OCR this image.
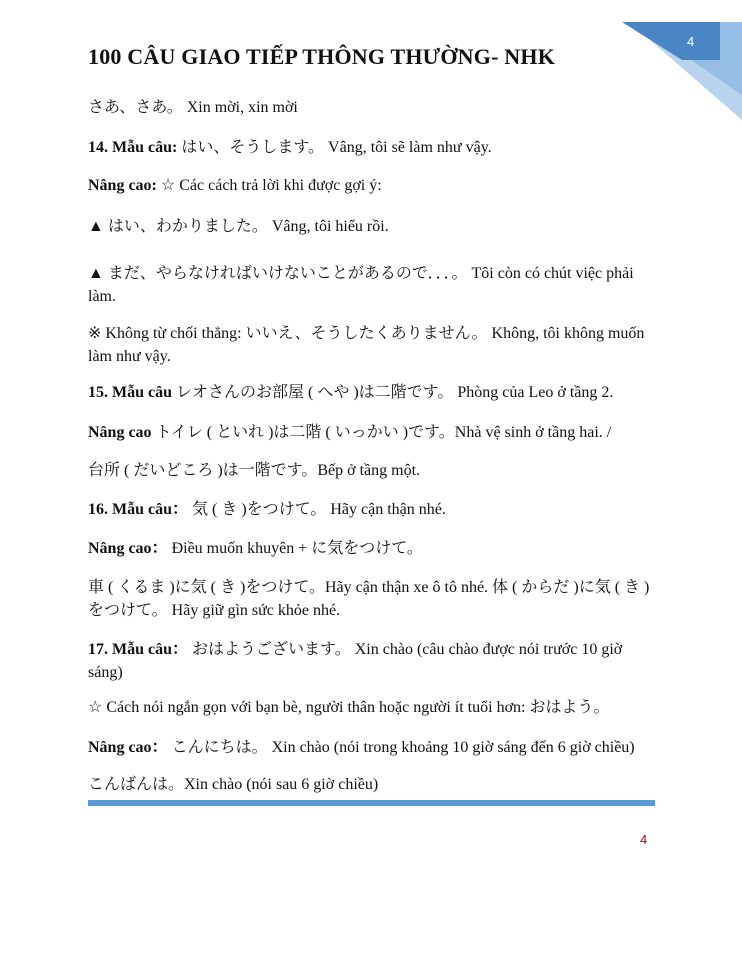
4
100 CÂU GIAO TIẾP THÔNG THƯỜNG- NHK
さあ、さあ。 Xin mời, xin mời
14. Mẫu câu: はい、そうします。 Vâng, tôi sẽ làm như vậy.
Nâng cao: ☆ Các cách trả lời khi được gợi ý:
▲ はい、わかりました。 Vâng, tôi hiểu rồi.
▲ まだ、やらなければいけないことがあるので．．．。 Tôi còn có chút việc phải làm.
※ Không từ chối thẳng: いいえ、そうしたくありません。 Không, tôi không muốn làm như vậy.
15. Mẫu câu レオさんのお部屋 ( へや )は二階です。 Phòng của Leo ở tầng 2.
Nâng cao トイレ ( といれ )は二階 ( いっかい )です。Nhà vệ sinh ở tầng hai. /
台所 ( だいどころ )は一階です。Bếp ở tầng một.
16. Mẫu câu： 気 ( き )をつけて。 Hãy cận thận nhé.
Nâng cao： Điều muốn khuyên + に気をつけて。
車 ( くるま )に気 ( き )をつけて。Hãy cận thận xe ô tô nhé. 体 ( からだ )に気 ( き )をつけて。 Hãy giữ gìn sức khỏe nhé.
17. Mẫu câu： おはようございます。 Xin chào (câu chào được nói trước 10 giờ sáng)
☆ Cách nói ngắn gọn với bạn bè, người thân hoặc người ít tuổi hơn: おはよう。
Nâng cao： こんにちは。 Xin chào (nói trong khoảng 10 giờ sáng đến 6 giờ chiều)
こんばんは。Xin chào (nói sau 6 giờ chiều)
4
